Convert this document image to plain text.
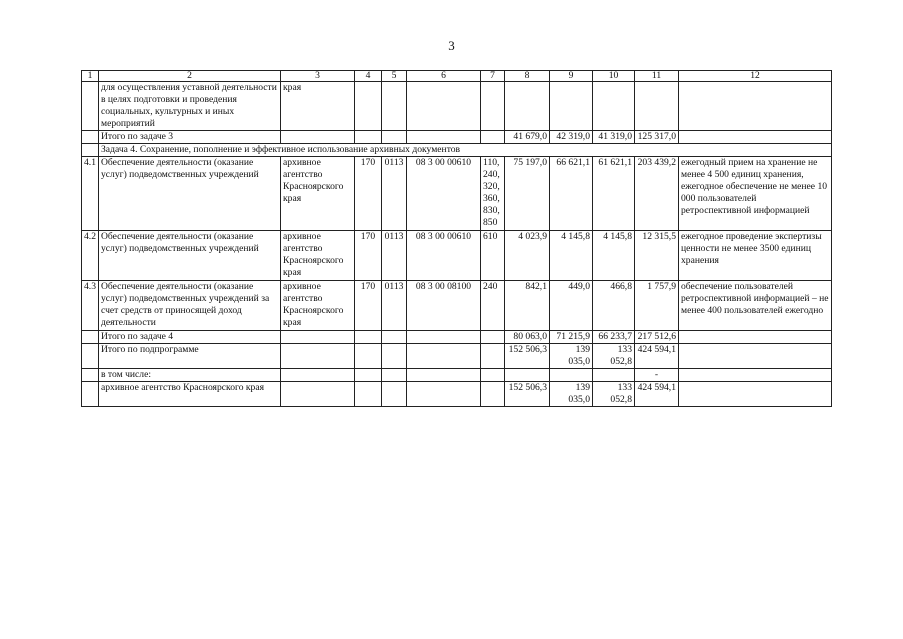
3
1	2	3	4	5	6	7	8	9	10	11	12
	для осуществления уставной деятельности в целях подготовки и проведения социальных, культурных и иных мероприятий	края									
	Итого по задаче 3						41 679,0	42 319,0	41 319,0	125 317,0	
	Задача 4. Сохранение, пополнение и эффективное использование архивных документов										
4.1	Обеспечение деятельности (оказание услуг) подведомственных учреждений	архивное агентство Красноярского края	170	0113	08 3 00 00610	110, 240, 320, 360, 830, 850	75 197,0	66 621,1	61 621,1	203 439,2	ежегодный прием на хранение не менее 4 500 единиц хранения, ежегодное обеспечение не менее 10 000 пользователей ретроспективной информацией
4.2	Обеспечение деятельности (оказание услуг) подведомственных учреждений	архивное агентство Красноярского края	170	0113	08 3 00 00610	610	4 023,9	4 145,8	4 145,8	12 315,5	ежегодное проведение экспертизы ценности не менее 3500 единиц хранения
4.3	Обеспечение деятельности (оказание услуг) подведомственных учреждений за счет средств от приносящей доход деятельности	архивное агентство Красноярского края	170	0113	08 3 00 08100	240	842,1	449,0	466,8	1 757,9	обеспечение пользователей ретроспективной информацией – не менее 400 пользователей ежегодно
	Итого по задаче 4						80 063,0	71 215,9	66 233,7	217 512,6	
	Итого по подпрограмме						152 506,3	139 035,0	133 052,8	424 594,1	
	в том числе:									-	
	архивное агентство Красноярского края						152 506,3	139 035,0	133 052,8	424 594,1	
